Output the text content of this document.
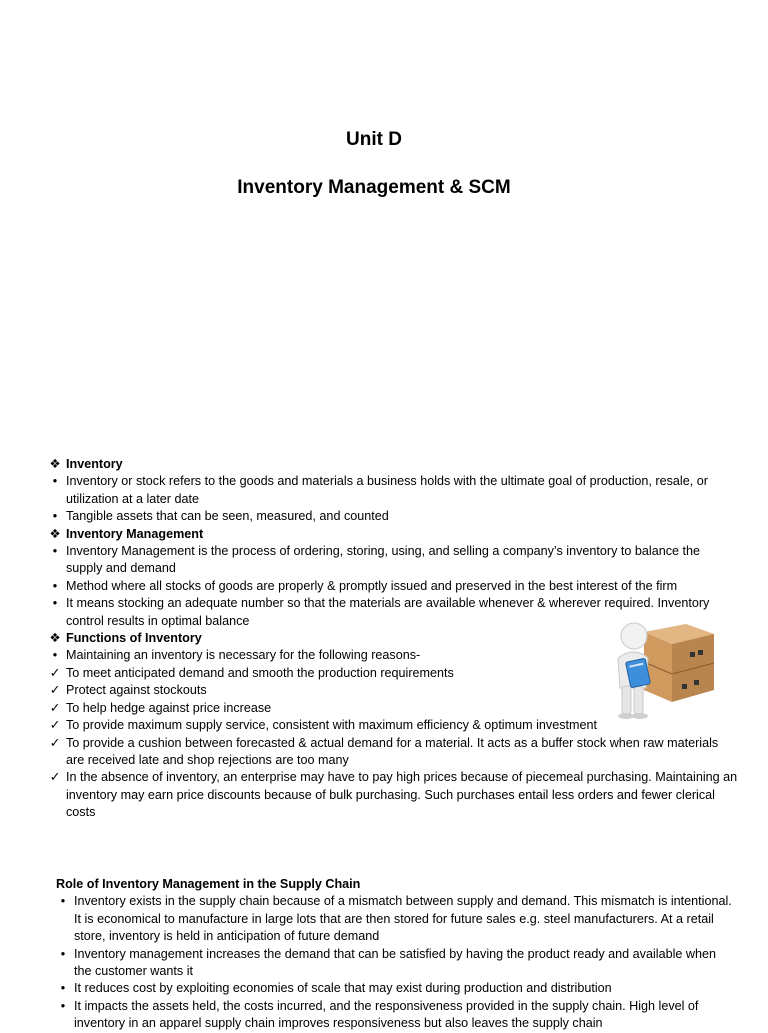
Unit D
Inventory Management & SCM
❖ Inventory
• Inventory or stock refers to the goods and materials a business holds with the ultimate goal of production, resale, or utilization at a later date
• Tangible assets that can be seen, measured, and counted
❖ Inventory Management
• Inventory Management is the process of ordering, storing, using, and selling a company’s inventory to balance the supply and demand
• Method where all stocks of goods are properly & promptly issued and preserved in the best interest of the firm
• It means stocking an adequate number so that the materials are available whenever & wherever required. Inventory control results in optimal balance
❖ Functions of Inventory
• Maintaining an inventory is necessary for the following reasons-
✓ To meet anticipated demand and smooth the production requirements
✓ Protect against stockouts
✓ To help hedge against price increase
✓ To provide maximum supply service, consistent with maximum efficiency & optimum investment
✓ To provide a cushion between forecasted & actual demand for a material. It acts as a buffer stock when raw materials are received late and shop rejections are too many
✓ In the absence of inventory, an enterprise may have to pay high prices because of piecemeal purchasing. Maintaining an inventory may earn price discounts because of bulk purchasing. Such purchases entail less orders and fewer clerical costs
Role of Inventory Management in the Supply Chain
• Inventory exists in the supply chain because of a mismatch between supply and demand. This mismatch is intentional. It is economical to manufacture in large lots that are then stored for future sales e.g. steel manufacturers. At a retail store, inventory is held in anticipation of future demand
• Inventory management increases the demand that can be satisfied by having the product ready and available when the customer wants it
• It reduces cost by exploiting economies of scale that may exist during production and distribution
• It impacts the assets held, the costs incurred, and the responsiveness provided in the supply chain. High level of inventory in an apparel supply chain improves responsiveness but also leaves the supply chain
